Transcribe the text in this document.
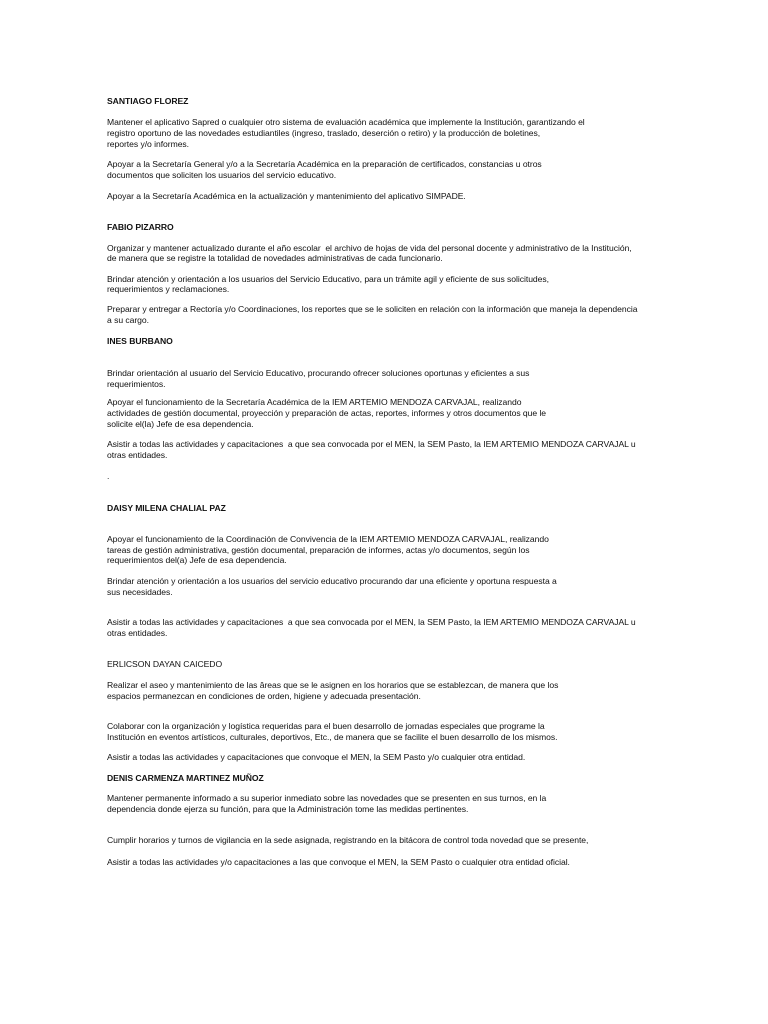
SANTIAGO FLOREZ
Mantener el aplicativo Sapred o cualquier otro sistema de evaluación académica que implemente la Institución, garantizando el
registro oportuno de las novedades estudiantiles (ingreso, traslado, deserción o retiro) y la producción de boletines,
reportes y/o informes.
Apoyar a la Secretaría General y/o a la Secretaría Académica en la preparación de certificados, constancias u otros
documentos que soliciten los usuarios del servicio educativo.
Apoyar a la Secretaría Académica en la actualización y mantenimiento del aplicativo SIMPADE.
FABIO PIZARRO
Organizar y mantener actualizado durante el año escolar  el archivo de hojas de vida del personal docente y administrativo de la Institución,
de manera que se registre la totalidad de novedades administrativas de cada funcionario.
Brindar atención y orientación a los usuarios del Servicio Educativo, para un trámite agil y eficiente de sus solicitudes,
requerimientos y reclamaciones.
Preparar y entregar a Rectoría y/o Coordinaciones, los reportes que se le soliciten en relación con la información que maneja la dependencia
a su cargo.
INES BURBANO
Brindar orientación al usuario del Servicio Educativo, procurando ofrecer soluciones oportunas y eficientes a sus
requerimientos.
Apoyar el funcionamiento de la Secretaría Académica de la IEM ARTEMIO MENDOZA CARVAJAL, realizando
actividades de gestión documental, proyección y preparación de actas, reportes, informes y otros documentos que le
solicite el(la) Jefe de esa dependencia.
Asistir a todas las actividades y capacitaciones  a que sea convocada por el MEN, la SEM Pasto, la IEM ARTEMIO MENDOZA CARVAJAL u
otras entidades.
.
DAISY MILENA CHALIAL PAZ
Apoyar el funcionamiento de la Coordinación de Convivencia de la IEM ARTEMIO MENDOZA CARVAJAL, realizando
tareas de gestión administrativa, gestión documental, preparación de informes, actas y/o documentos, según los
requerimientos del(a) Jefe de esa dependencia.
Brindar atención y orientación a los usuarios del servicio educativo procurando dar una eficiente y oportuna respuesta a
sus necesidades.
Asistir a todas las actividades y capacitaciones  a que sea convocada por el MEN, la SEM Pasto, la IEM ARTEMIO MENDOZA CARVAJAL u
otras entidades.
ERLICSON DAYAN CAICEDO
Realizar el aseo y mantenimiento de las âreas que se le asignen en los horarios que se establezcan, de manera que los
espacios permanezcan en condiciones de orden, higiene y adecuada presentación.
Colaborar con la organización y logística requeridas para el buen desarrollo de jornadas especiales que programe la
Institución en eventos artísticos, culturales, deportivos, Etc., de manera que se facilite el buen desarrollo de los mismos.
Asistir a todas las actividades y capacitaciones que convoque el MEN, la SEM Pasto y/o cualquier otra entidad.
DENIS CARMENZA MARTINEZ MUÑOZ
Mantener permanente informado a su superior inmediato sobre las novedades que se presenten en sus turnos, en la
dependencia donde ejerza su función, para que la Administración tome las medidas pertinentes.
Cumplir horarios y turnos de vigilancia en la sede asignada, registrando en la bitácora de control toda novedad que se presente,
Asistir a todas las actividades y/o capacitaciones a las que convoque el MEN, la SEM Pasto o cualquier otra entidad oficial.
